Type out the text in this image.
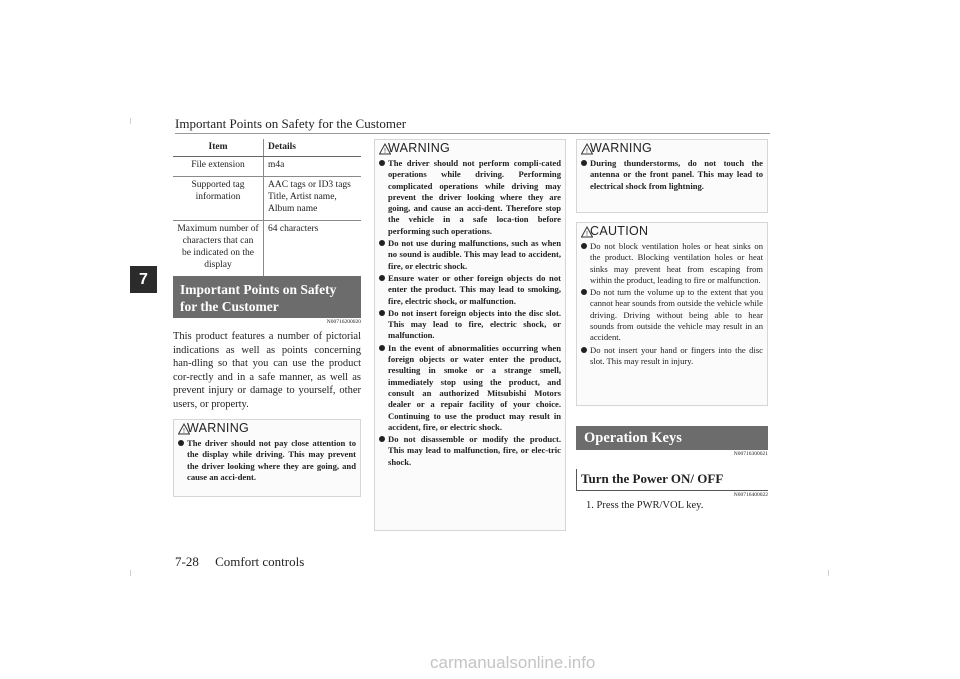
Important Points on Safety for the Customer
7
Item	Details
File extension	m4a
Supported tag information	AAC tags or ID3 tags Title, Artist name, Album name
Maximum number of characters that can be indicated on the display	64 characters
Important Points on Safety for the Customer
N00716200020
This product features a number of pictorial indications as well as points concerning han-dling so that you can use the product cor-rectly and in a safe manner, as well as prevent injury or damage to yourself, other users, or property.
! WARNING
The driver should not pay close attention to the display while driving. This may prevent the driver looking where they are going, and cause an acci-dent.
! WARNING
The driver should not perform compli-cated operations while driving. Performing complicated operations while driving may prevent the driver looking where they are going, and cause an acci-dent. Therefore stop the vehicle in a safe loca-tion before performing such operations.
Do not use during malfunctions, such as when no sound is audible. This may lead to accident, fire, or electric shock.
Ensure water or other foreign objects do not enter the product. This may lead to smoking, fire, electric shock, or malfunction.
Do not insert foreign objects into the disc slot. This may lead to fire, electric shock, or malfunction.
In the event of abnormalities occurring when foreign objects or water enter the product, resulting in smoke or a strange smell, immediately stop using the product, and consult an authorized Mitsubishi Motors dealer or a repair facility of your choice. Continuing to use the product may result in accident, fire, or electric shock.
Do not disassemble or modify the product. This may lead to malfunction, fire, or elec-tric shock.
! WARNING
During thunderstorms, do not touch the antenna or the front panel. This may lead to electrical shock from lightning.
! CAUTION
Do not block ventilation holes or heat sinks on the product. Blocking ventilation holes or heat sinks may prevent heat from escaping from within the product, leading to fire or malfunction.
Do not turn the volume up to the extent that you cannot hear sounds from outside the vehicle while driving. Driving without being able to hear sounds from outside the vehicle may result in an accident.
Do not insert your hand or fingers into the disc slot. This may result in injury.
Operation Keys
N00716300021
Turn the Power ON/ OFF
N00716400022
1. Press the PWR/VOL key.
7-28 Comfort controls
carmanualsonline.info
